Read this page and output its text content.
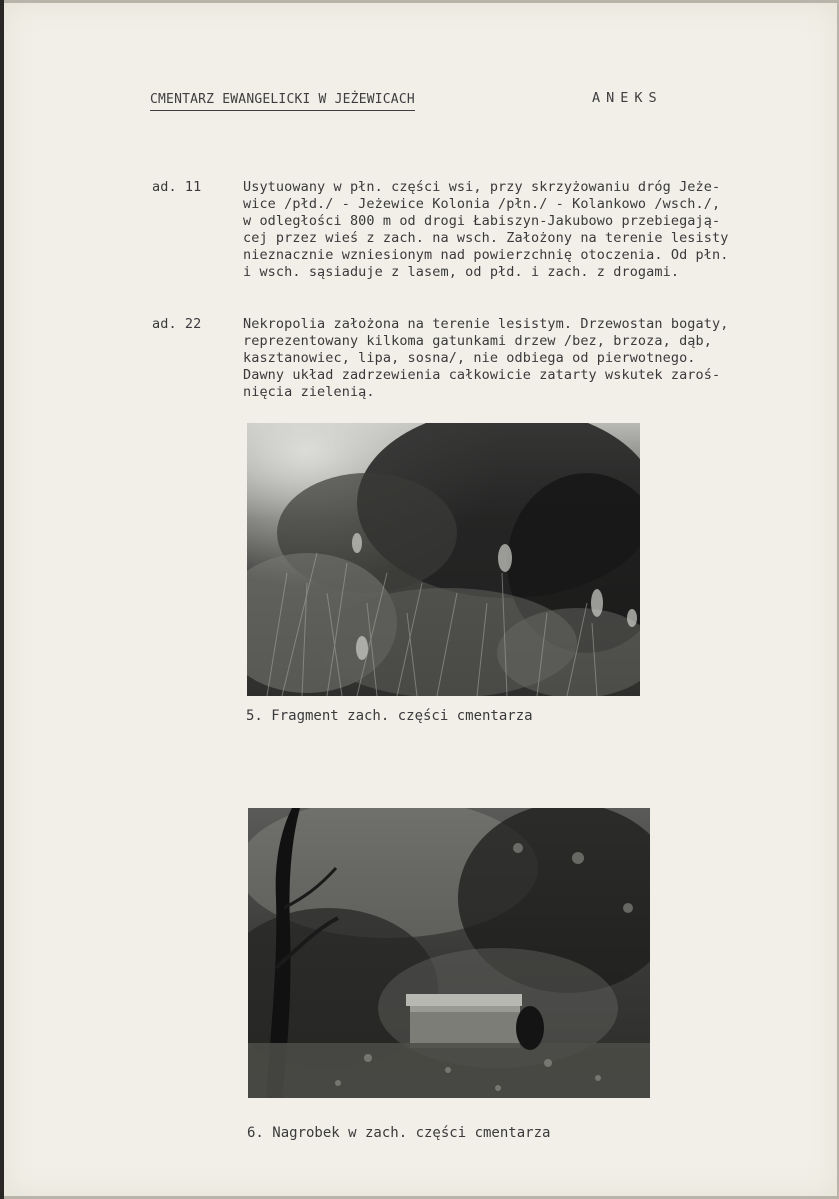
CMENTARZ EWANGELICKI W JEŻEWICACH	ANEKS
ad. 11	Usytuowany w płn. części wsi, przy skrzyżowaniu dróg Jeże-
wice /płd./ - Jeżewice Kolonia /płn./ - Kolankowo /wsch./,
w odległości 800 m od drogi Łabiszyn-Jakubowo przebiegają-
cej przez wieś z zach. na wsch. Założony na terenie lesisty
nieznacznie wzniesionym nad powierzchnię otoczenia. Od płn.
i wsch. sąsiaduje z lasem, od płd. i zach. z drogami.
ad. 22	Nekropolia założona na terenie lesistym. Drzewostan bogaty,
reprezentowany kilkoma gatunkami drzew /bez, brzoza, dąb,
kasztanowiec, lipa, sosna/, nie odbiega od pierwotnego.
Dawny układ zadrzewienia całkowicie zatarty wskutek zaroś-
nięcia zielenią.
5. Fragment zach. części cmentarza
6. Nagrobek w zach. części cmentarza
